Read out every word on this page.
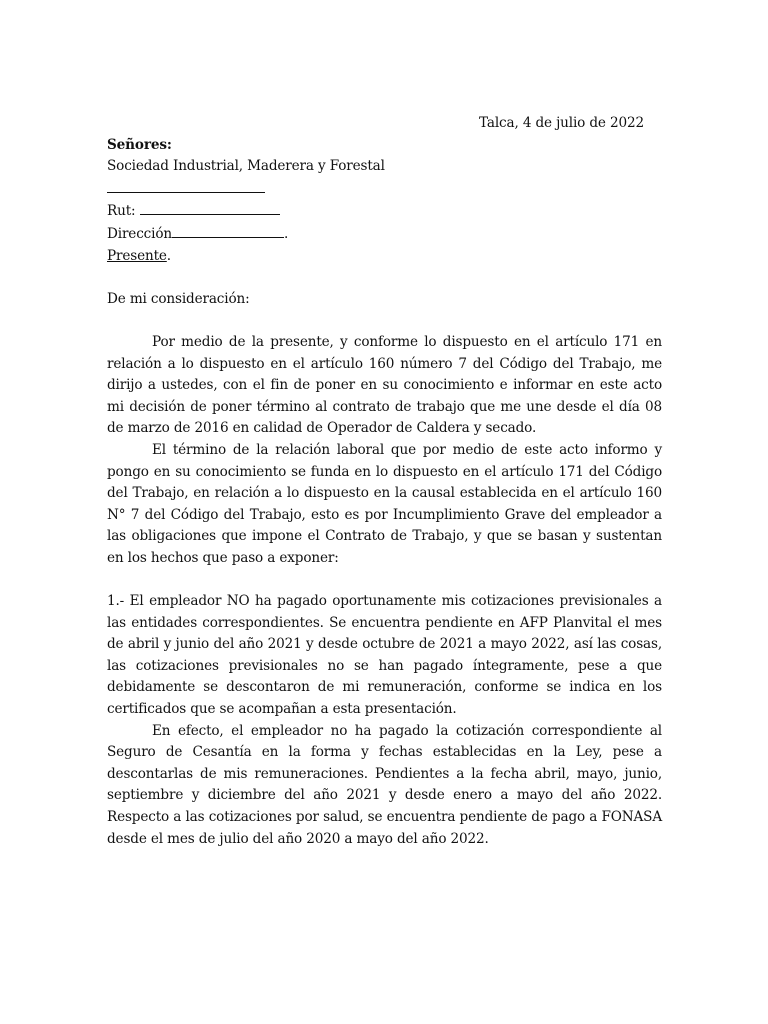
Talca, 4 de julio de 2022
Señores:
Sociedad Industrial, Maderera y Forestal
Rut:
Dirección	.
Presente.
De mi consideración:

Por medio de la presente, y conforme lo dispuesto en el artículo 171 en relación a lo dispuesto en el artículo 160 número 7 del Código del Trabajo, me dirijo a ustedes, con el fin de poner en su conocimiento e informar en este acto mi decisión de poner término al contrato de trabajo que me une desde el día 08 de marzo de 2016 en calidad de Operador de Caldera y secado.

El término de la relación laboral que por medio de este acto informo y pongo en su conocimiento se funda en lo dispuesto en el artículo 171 del Código del Trabajo, en relación a lo dispuesto en la causal establecida en el artículo 160 N° 7 del Código del Trabajo, esto es por Incumplimiento Grave del empleador a las obligaciones que impone el Contrato de Trabajo, y que se basan y sustentan en los hechos que paso a exponer:

1.- El empleador NO ha pagado oportunamente mis cotizaciones previsionales a las entidades correspondientes. Se encuentra pendiente en AFP Planvital el mes de abril y junio del año 2021 y desde octubre de 2021 a mayo 2022, así las cosas, las cotizaciones previsionales no se han pagado íntegramente, pese a que debidamente se descontaron de mi remuneración, conforme se indica en los certificados que se acompañan a esta presentación.

En efecto, el empleador no ha pagado la cotización correspondiente al Seguro de Cesantía en la forma y fechas establecidas en la Ley, pese a descontarlas de mis remuneraciones. Pendientes a la fecha abril, mayo, junio, septiembre y diciembre del año 2021 y desde enero a mayo del año 2022. Respecto a las cotizaciones por salud, se encuentra pendiente de pago a FONASA desde el mes de julio del año 2020 a mayo del año 2022.
